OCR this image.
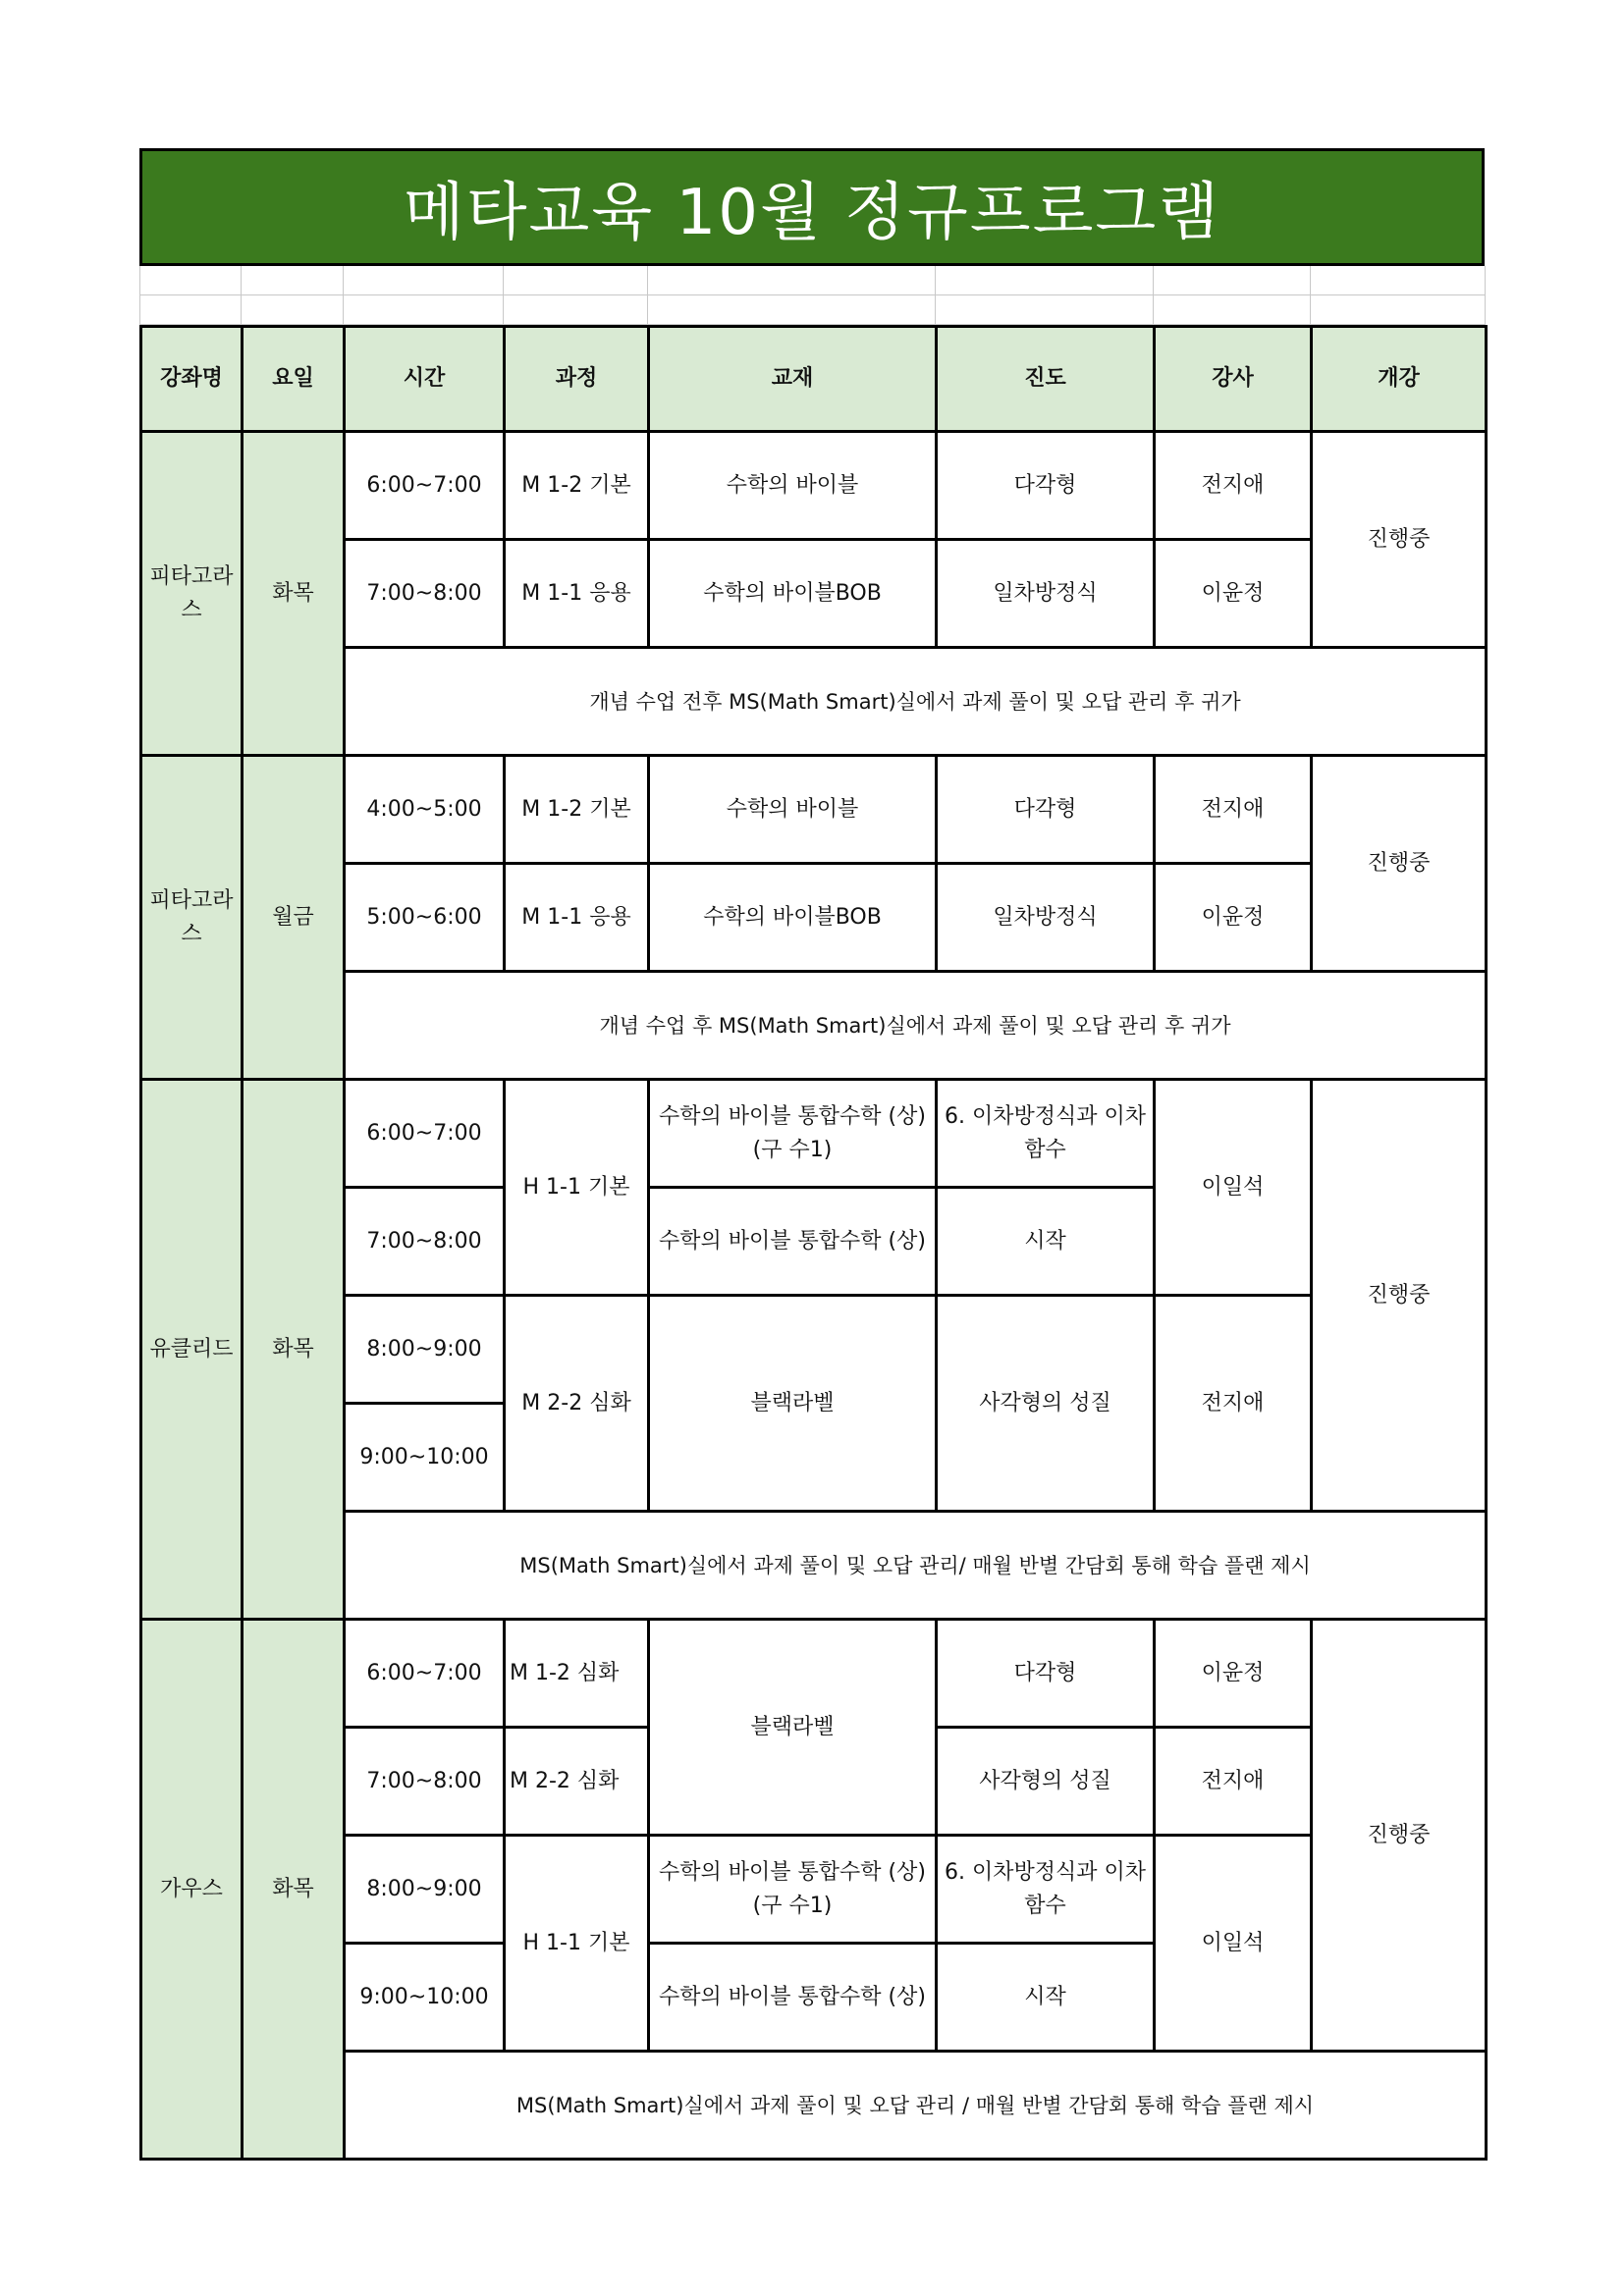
메타교육 10월 정규프로그램

강좌명	요일	시간	과정	교재	진도	강사	개강
피타고라스	화목	6:00~7:00	M 1-2 기본	수학의 바이블	다각형	전지애	진행중
		7:00~8:00	M 1-1 응용	수학의 바이블BOB	일차방정식	이윤정	
		개념 수업 전후 MS(Math Smart)실에서 과제 풀이 및 오답 관리 후 귀가					
피타고라스	월금	4:00~5:00	M 1-2 기본	수학의 바이블	다각형	전지애	진행중
		5:00~6:00	M 1-1 응용	수학의 바이블BOB	일차방정식	이윤정	
		개념 수업 후 MS(Math Smart)실에서 과제 풀이 및 오답 관리 후 귀가					
유클리드	화목	6:00~7:00	H 1-1 기본	수학의 바이블 통합수학 (상)(구 수1)	6. 이차방정식과 이차함수	이일석	진행중
		7:00~8:00		수학의 바이블 통합수학 (상)	시작		
		8:00~9:00	M 2-2 심화	블랙라벨	사각형의 성질	전지애	
		9:00~10:00					
		MS(Math Smart)실에서 과제 풀이 및 오답 관리/ 매월 반별 간담회 통해 학습 플랜 제시					
가우스	화목	6:00~7:00	M 1-2 심화	블랙라벨	다각형	이윤정	진행중
		7:00~8:00	M 2-2 심화		사각형의 성질	전지애	
		8:00~9:00	H 1-1 기본	수학의 바이블 통합수학 (상)(구 수1)	6. 이차방정식과 이차함수	이일석	
		9:00~10:00		수학의 바이블 통합수학 (상)	시작		
		MS(Math Smart)실에서 과제 풀이 및 오답 관리 / 매월 반별 간담회 통해 학습 플랜 제시					
